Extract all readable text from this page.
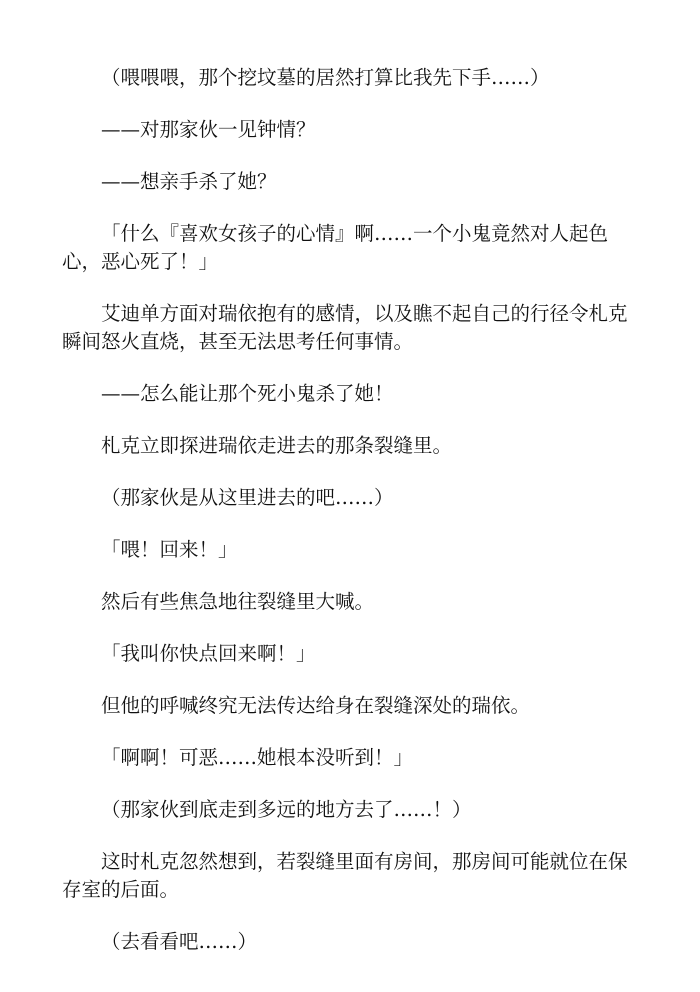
（喂喂喂，那个挖坟墓的居然打算比我先下手……）

——对那家伙一见钟情？

——想亲手杀了她？

「什么『喜欢女孩子的心情』啊……一个小鬼竟然对人起色心，恶心死了！」

艾迪单方面对瑞依抱有的感情，以及瞧不起自己的行径令札克瞬间怒火直烧，甚至无法思考任何事情。

——怎么能让那个死小鬼杀了她！

札克立即探进瑞依走进去的那条裂缝里。

（那家伙是从这里进去的吧……）

「喂！回来！」

然后有些焦急地往裂缝里大喊。

「我叫你快点回来啊！」

但他的呼喊终究无法传达给身在裂缝深处的瑞依。

「啊啊！可恶……她根本没听到！」

（那家伙到底走到多远的地方去了……！）

这时札克忽然想到，若裂缝里面有房间，那房间可能就位在保存室的后面。

（去看看吧……）
